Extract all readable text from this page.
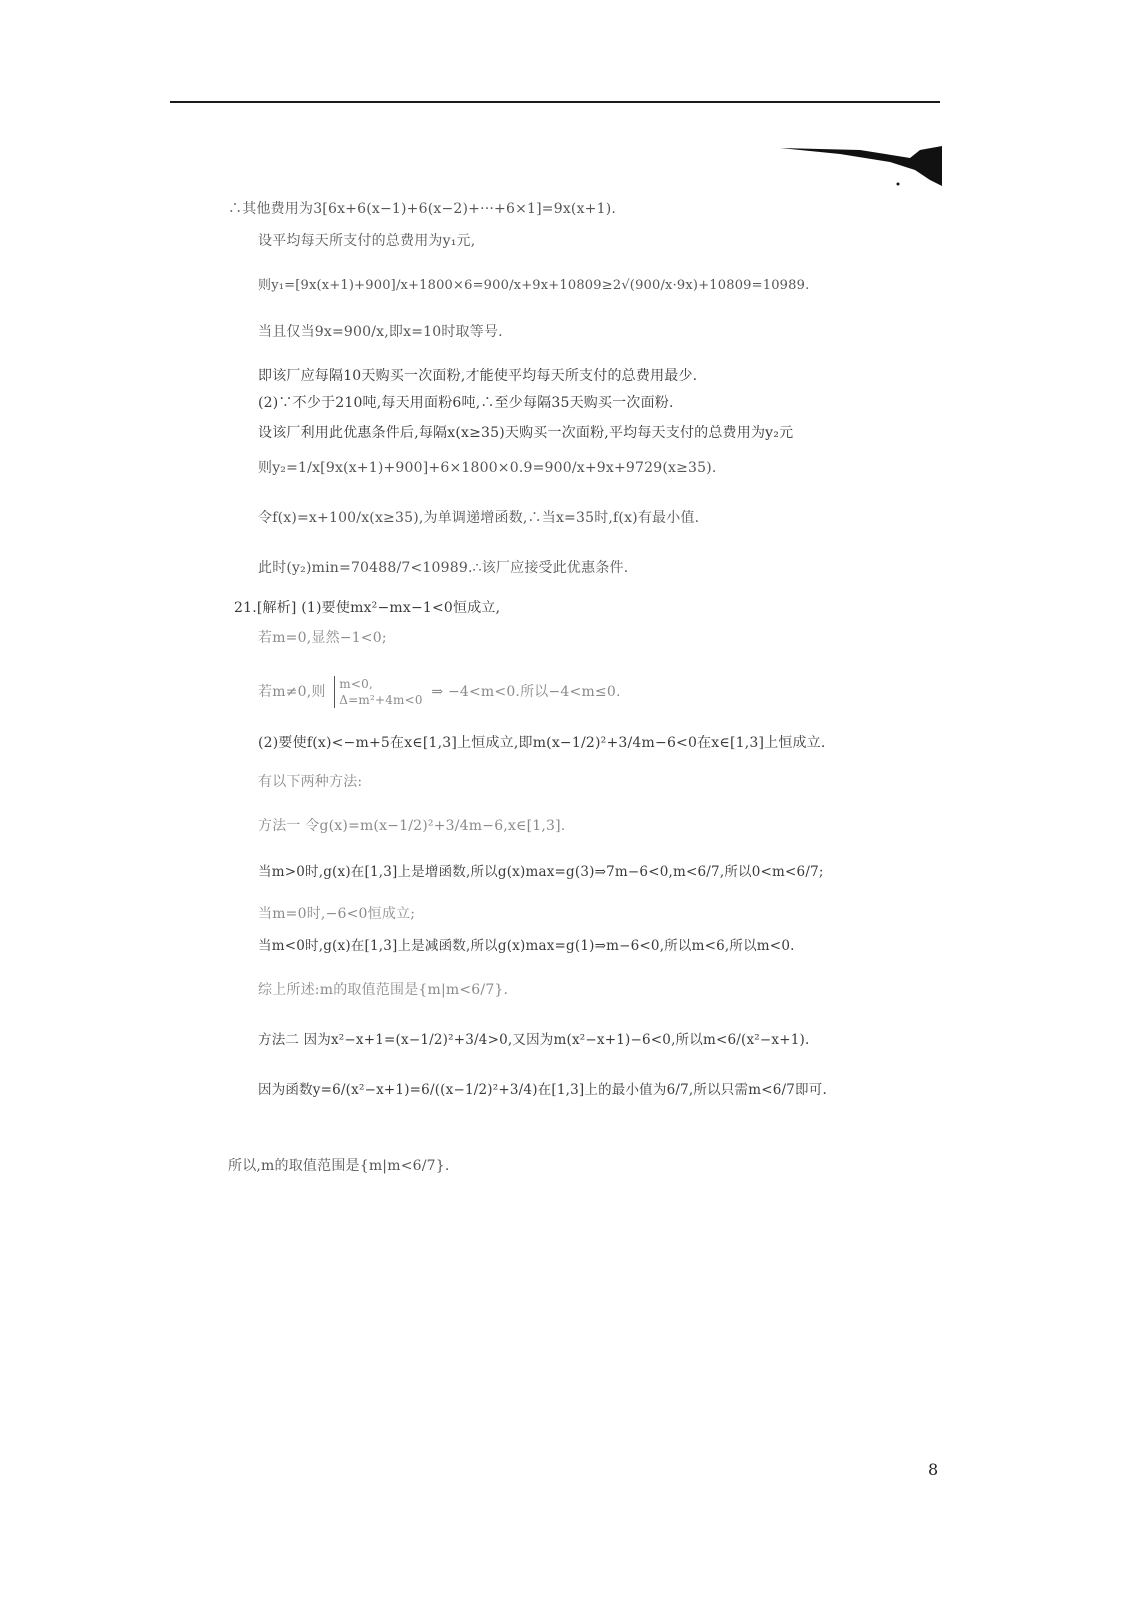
∴其他费用为3[6x+6(x−1)+6(x−2)+···+6×1]=9x(x+1).
设平均每天所支付的总费用为y₁元,
则y₁=[9x(x+1)+900]/x+1800×6=900/x+9x+10809≥2√(900/x·9x)+10809=10989.
当且仅当9x=900/x,即x=10时取等号.
即该厂应每隔10天购买一次面粉,才能使平均每天所支付的总费用最少.
(2)∵不少于210吨,每天用面粉6吨,∴至少每隔35天购买一次面粉.
设该厂利用此优惠条件后,每隔x(x≥35)天购买一次面粉,平均每天支付的总费用为y₂元
则y₂=1/x[9x(x+1)+900]+6×1800×0.9=900/x+9x+9729(x≥35).
令f(x)=x+100/x(x≥35),为单调递增函数,∴当x=35时,f(x)有最小值.
此时(y₂)min=70488/7<10989.∴该厂应接受此优惠条件.
21.[解析] (1)要使mx²−mx−1<0恒成立,
若m=0,显然−1<0;
若m≠0,则 m<0,
Δ=m²+4m<0 ⇒ −4<m<0.所以−4<m≤0.
(2)要使f(x)<−m+5在x∈[1,3]上恒成立,即m(x−1/2)²+3/4m−6<0在x∈[1,3]上恒成立.
有以下两种方法:
方法一 令g(x)=m(x−1/2)²+3/4m−6,x∈[1,3].
当m>0时,g(x)在[1,3]上是增函数,所以g(x)max=g(3)⇒7m−6<0,m<6/7,所以0<m<6/7;
当m=0时,−6<0恒成立;
当m<0时,g(x)在[1,3]上是减函数,所以g(x)max=g(1)⇒m−6<0,所以m<6,所以m<0.
综上所述:m的取值范围是{m|m<6/7}.
方法二 因为x²−x+1=(x−1/2)²+3/4>0,又因为m(x²−x+1)−6<0,所以m<6/(x²−x+1).
因为函数y=6/(x²−x+1)=6/((x−1/2)²+3/4)在[1,3]上的最小值为6/7,所以只需m<6/7即可.
所以,m的取值范围是{m|m<6/7}.
8
